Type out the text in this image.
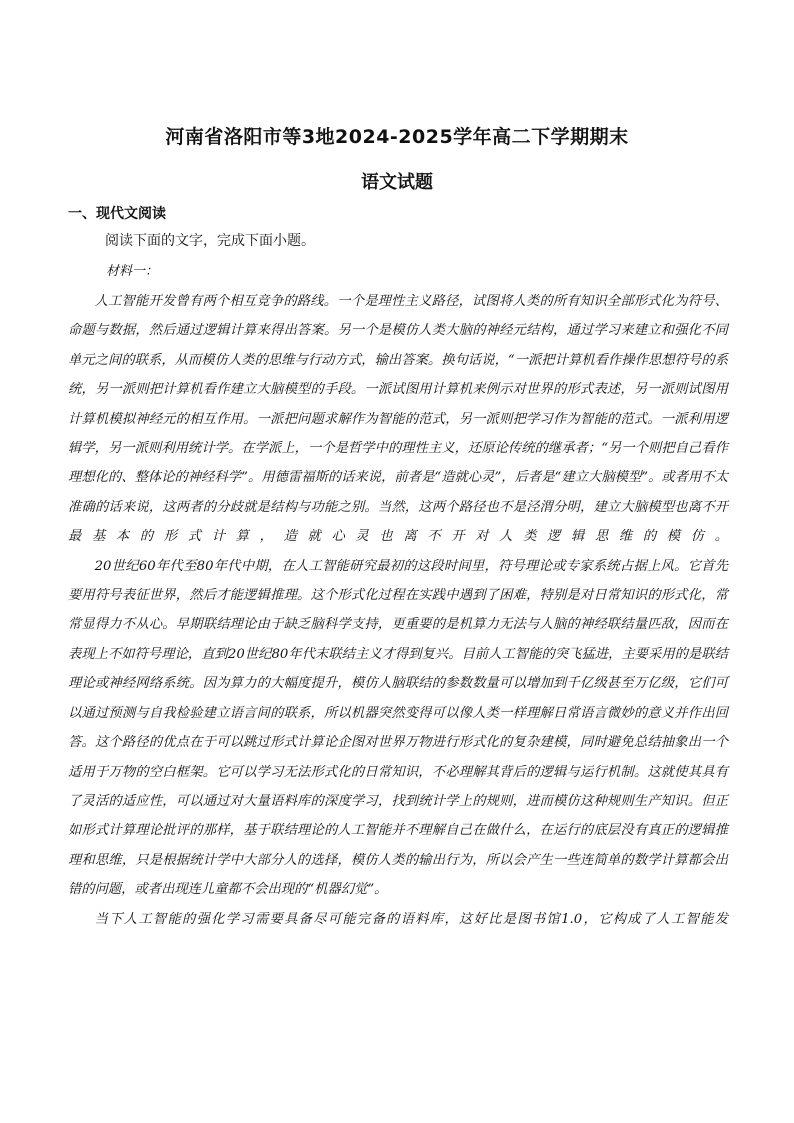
河南省洛阳市等3地2024-2025学年高二下学期期末
语文试题
一、现代文阅读
阅读下面的文字，完成下面小题。
材料一：

人工智能开发曾有两个相互竞争的路线。一个是理性主义路径，试图将人类的所有知识全部形式化为符号、命题与数据，然后通过逻辑计算来得出答案。另一个是模仿人类大脑的神经元结构，通过学习来建立和强化不同单元之间的联系，从而模仿人类的思维与行动方式，输出答案。换句话说，“一派把计算机看作操作思想符号的系统，另一派则把计算机看作建立大脑模型的手段。一派试图用计算机来例示对世界的形式表述，另一派则试图用计算机模拟神经元的相互作用。一派把问题求解作为智能的范式，另一派则把学习作为智能的范式。一派利用逻辑学，另一派则利用统计学。在学派上，一个是哲学中的理性主义，还原论传统的继承者；“另一个则把自己看作理想化的、整体论的神经科学”。用德雷福斯的话来说，前者是“造就心灵”，后者是“建立大脑模型”。或者用不太准确的话来说，这两者的分歧就是结构与功能之别。当然，这两个路径也不是泾渭分明，建立大脑模型也离不开最基本的形式计算，造就心灵也离不开对人类逻辑思维的模仿。

20世纪60年代至80年代中期，在人工智能研究最初的这段时间里，符号理论或专家系统占据上风。它首先要用符号表征世界，然后才能逻辑推理。这个形式化过程在实践中遇到了困难，特别是对日常知识的形式化，常常显得力不从心。早期联结理论由于缺乏脑科学支持，更重要的是机算力无法与人脑的神经联结量匹敌，因而在表现上不如符号理论，直到20世纪80年代末联结主义才得到复兴。目前人工智能的突飞猛进，主要采用的是联结理论或神经网络系统。因为算力的大幅度提升，模仿人脑联结的参数数量可以增加到千亿级甚至万亿级，它们可以通过预测与自我检验建立语言间的联系，所以机器突然变得可以像人类一样理解日常语言微妙的意义并作出回答。这个路径的优点在于可以跳过形式计算论企图对世界万物进行形式化的复杂建模，同时避免总结抽象出一个适用于万物的空白框架。它可以学习无法形式化的日常知识，不必理解其背后的逻辑与运行机制。这就使其具有了灵活的适应性，可以通过对大量语料库的深度学习，找到统计学上的规则，进而模仿这种规则生产知识。但正如形式计算理论批评的那样，基于联结理论的人工智能并不理解自己在做什么，在运行的底层没有真正的逻辑推理和思维，只是根据统计学中大部分人的选择，模仿人类的输出行为，所以会产生一些连简单的数学计算都会出错的问题，或者出现连儿童都不会出现的“机器幻觉”。

当下人工智能的强化学习需要具备尽可能完备的语料库，这好比是图书馆1.0，它构成了人工智能发
